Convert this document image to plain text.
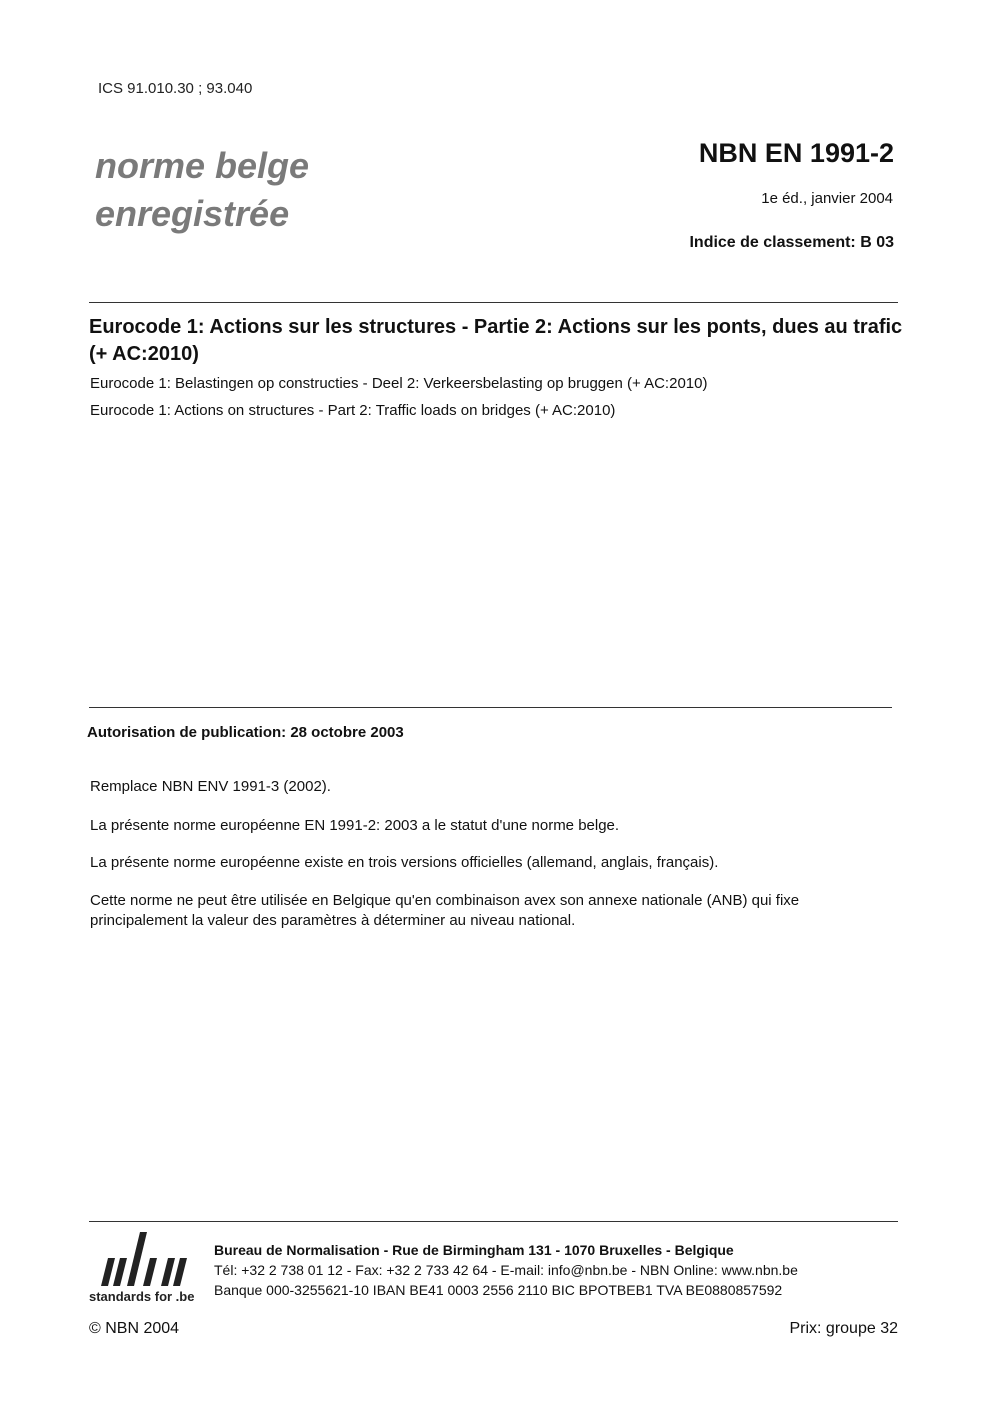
ICS 91.010.30 ; 93.040
norme belge
enregistrée
NBN EN 1991-2
1e éd., janvier 2004
Indice de classement: B 03
Eurocode 1: Actions sur les structures - Partie 2: Actions sur les ponts, dues au trafic (+ AC:2010)
Eurocode 1: Belastingen op constructies - Deel 2: Verkeersbelasting op bruggen (+ AC:2010)
Eurocode 1: Actions on structures - Part 2: Traffic loads on bridges (+ AC:2010)
Autorisation de publication: 28 octobre 2003
Remplace NBN ENV 1991-3 (2002).
La présente norme européenne EN 1991-2: 2003 a le statut d'une norme belge.
La présente norme européenne existe en trois versions officielles (allemand, anglais, français).
Cette norme ne peut être utilisée en Belgique qu'en combinaison avex son annexe nationale (ANB) qui fixe principalement la valeur des paramètres à déterminer au niveau national.
standards for .be
Bureau de Normalisation - Rue de Birmingham 131 - 1070 Bruxelles - Belgique
Tél: +32 2 738 01 12 - Fax: +32 2 733 42 64 - E-mail: info@nbn.be - NBN Online: www.nbn.be
Banque 000-3255621-10 IBAN BE41 0003 2556 2110 BIC BPOTBEB1 TVA BE0880857592
© NBN 2004	Prix: groupe 32
